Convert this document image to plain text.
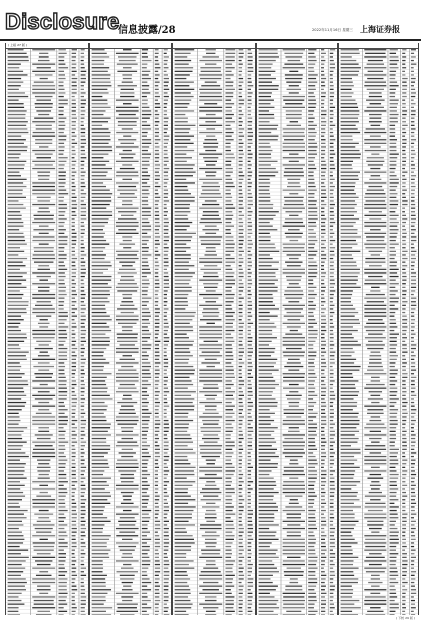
Disclosure
信息披露/28	2022年11月16日 星期三 上海证券报
( 上接 27 版 )
( 下转 29 版 )
